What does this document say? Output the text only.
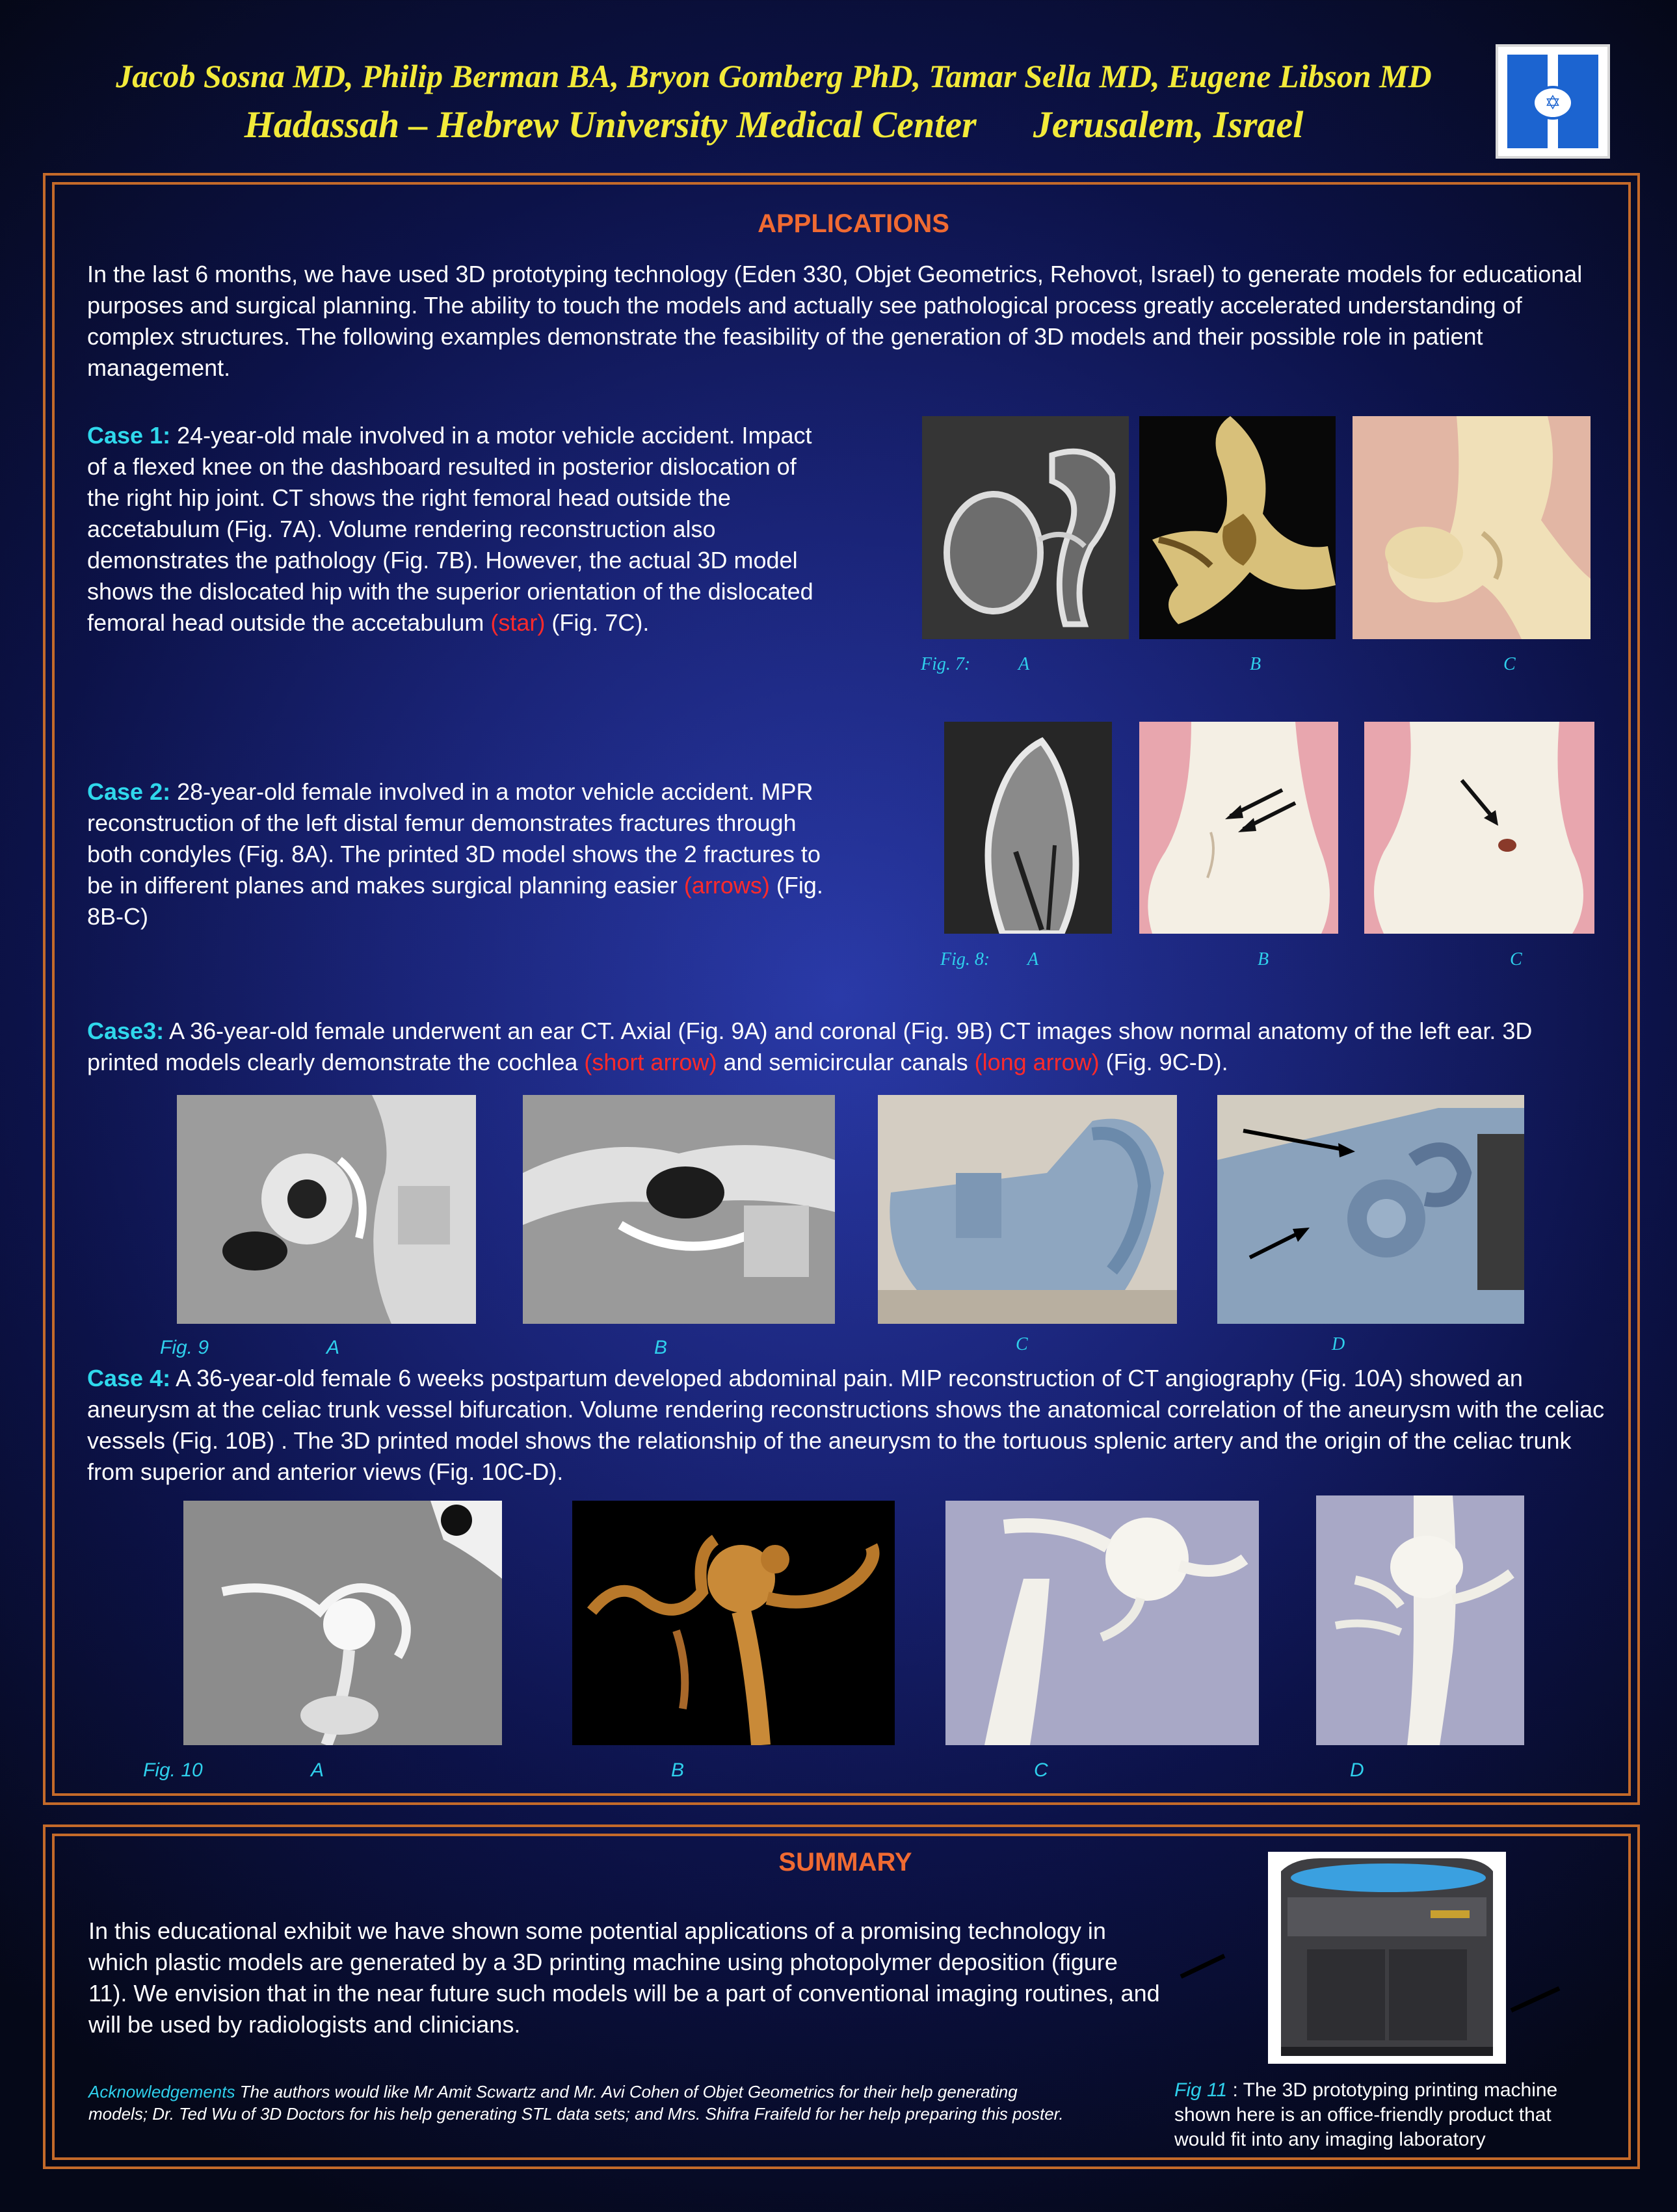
Jacob Sosna MD, Philip Berman BA, Bryon Gomberg PhD, Tamar Sella MD, Eugene Libson MD
Hadassah – Hebrew University Medical Center      Jerusalem, Israel
✡
APPLICATIONS
In the last 6 months, we have used 3D prototyping technology (Eden 330, Objet Geometrics, Rehovot, Israel) to generate models for educational purposes and surgical planning. The ability to touch the models and actually see pathological process greatly accelerated understanding of complex structures. The following examples demonstrate the feasibility of the generation of 3D models and their possible role in patient management.
Case 1: 24-year-old male involved in a motor vehicle accident. Impact of a flexed knee on the dashboard resulted in posterior dislocation of the right hip joint. CT shows the right femoral head outside the accetabulum (Fig. 7A). Volume rendering reconstruction also demonstrates the pathology (Fig. 7B). However, the actual 3D model shows the dislocated hip with the superior orientation of the dislocated femoral head outside the accetabulum (star) (Fig. 7C).
Fig. 7:	A	B	C
Case 2: 28-year-old female involved in a motor vehicle accident. MPR reconstruction of the left distal femur demonstrates fractures through both condyles (Fig. 8A). The printed 3D model shows the 2 fractures to be in different planes and makes surgical planning easier (arrows) (Fig. 8B-C)
Fig. 8: A	B	C
Case3: A 36-year-old female underwent an ear CT. Axial (Fig. 9A) and coronal (Fig. 9B) CT images show normal anatomy of the left ear. 3D printed models clearly demonstrate the cochlea (short arrow) and semicircular canals (long arrow) (Fig. 9C-D).
Fig. 9	A	B	C	D
Case 4: A 36-year-old female 6 weeks postpartum developed abdominal pain. MIP reconstruction of CT angiography (Fig. 10A) showed an aneurysm at the celiac trunk vessel bifurcation. Volume rendering reconstructions shows the anatomical correlation of the aneurysm with the celiac vessels (Fig. 10B) . The 3D printed model shows the relationship of the aneurysm to the tortuous splenic artery and the origin of the celiac trunk from superior and anterior views (Fig. 10C-D).
Fig. 10	A	B	C	D
SUMMARY
In this educational exhibit we have shown some potential applications of a promising technology in which plastic models are generated by a 3D printing machine using photopolymer deposition (figure 11). We envision that in the near future such models will be a part of conventional imaging routines, and will be used by radiologists and clinicians.
Acknowledgements The authors would like Mr Amit Scwartz and Mr. Avi Cohen of Objet Geometrics for their help generating models; Dr. Ted Wu of 3D Doctors for his help generating STL data sets; and Mrs. Shifra Fraifeld for her help preparing this poster.
Fig 11 : The 3D prototyping printing machine shown here is an office-friendly product that would fit into any imaging laboratory
